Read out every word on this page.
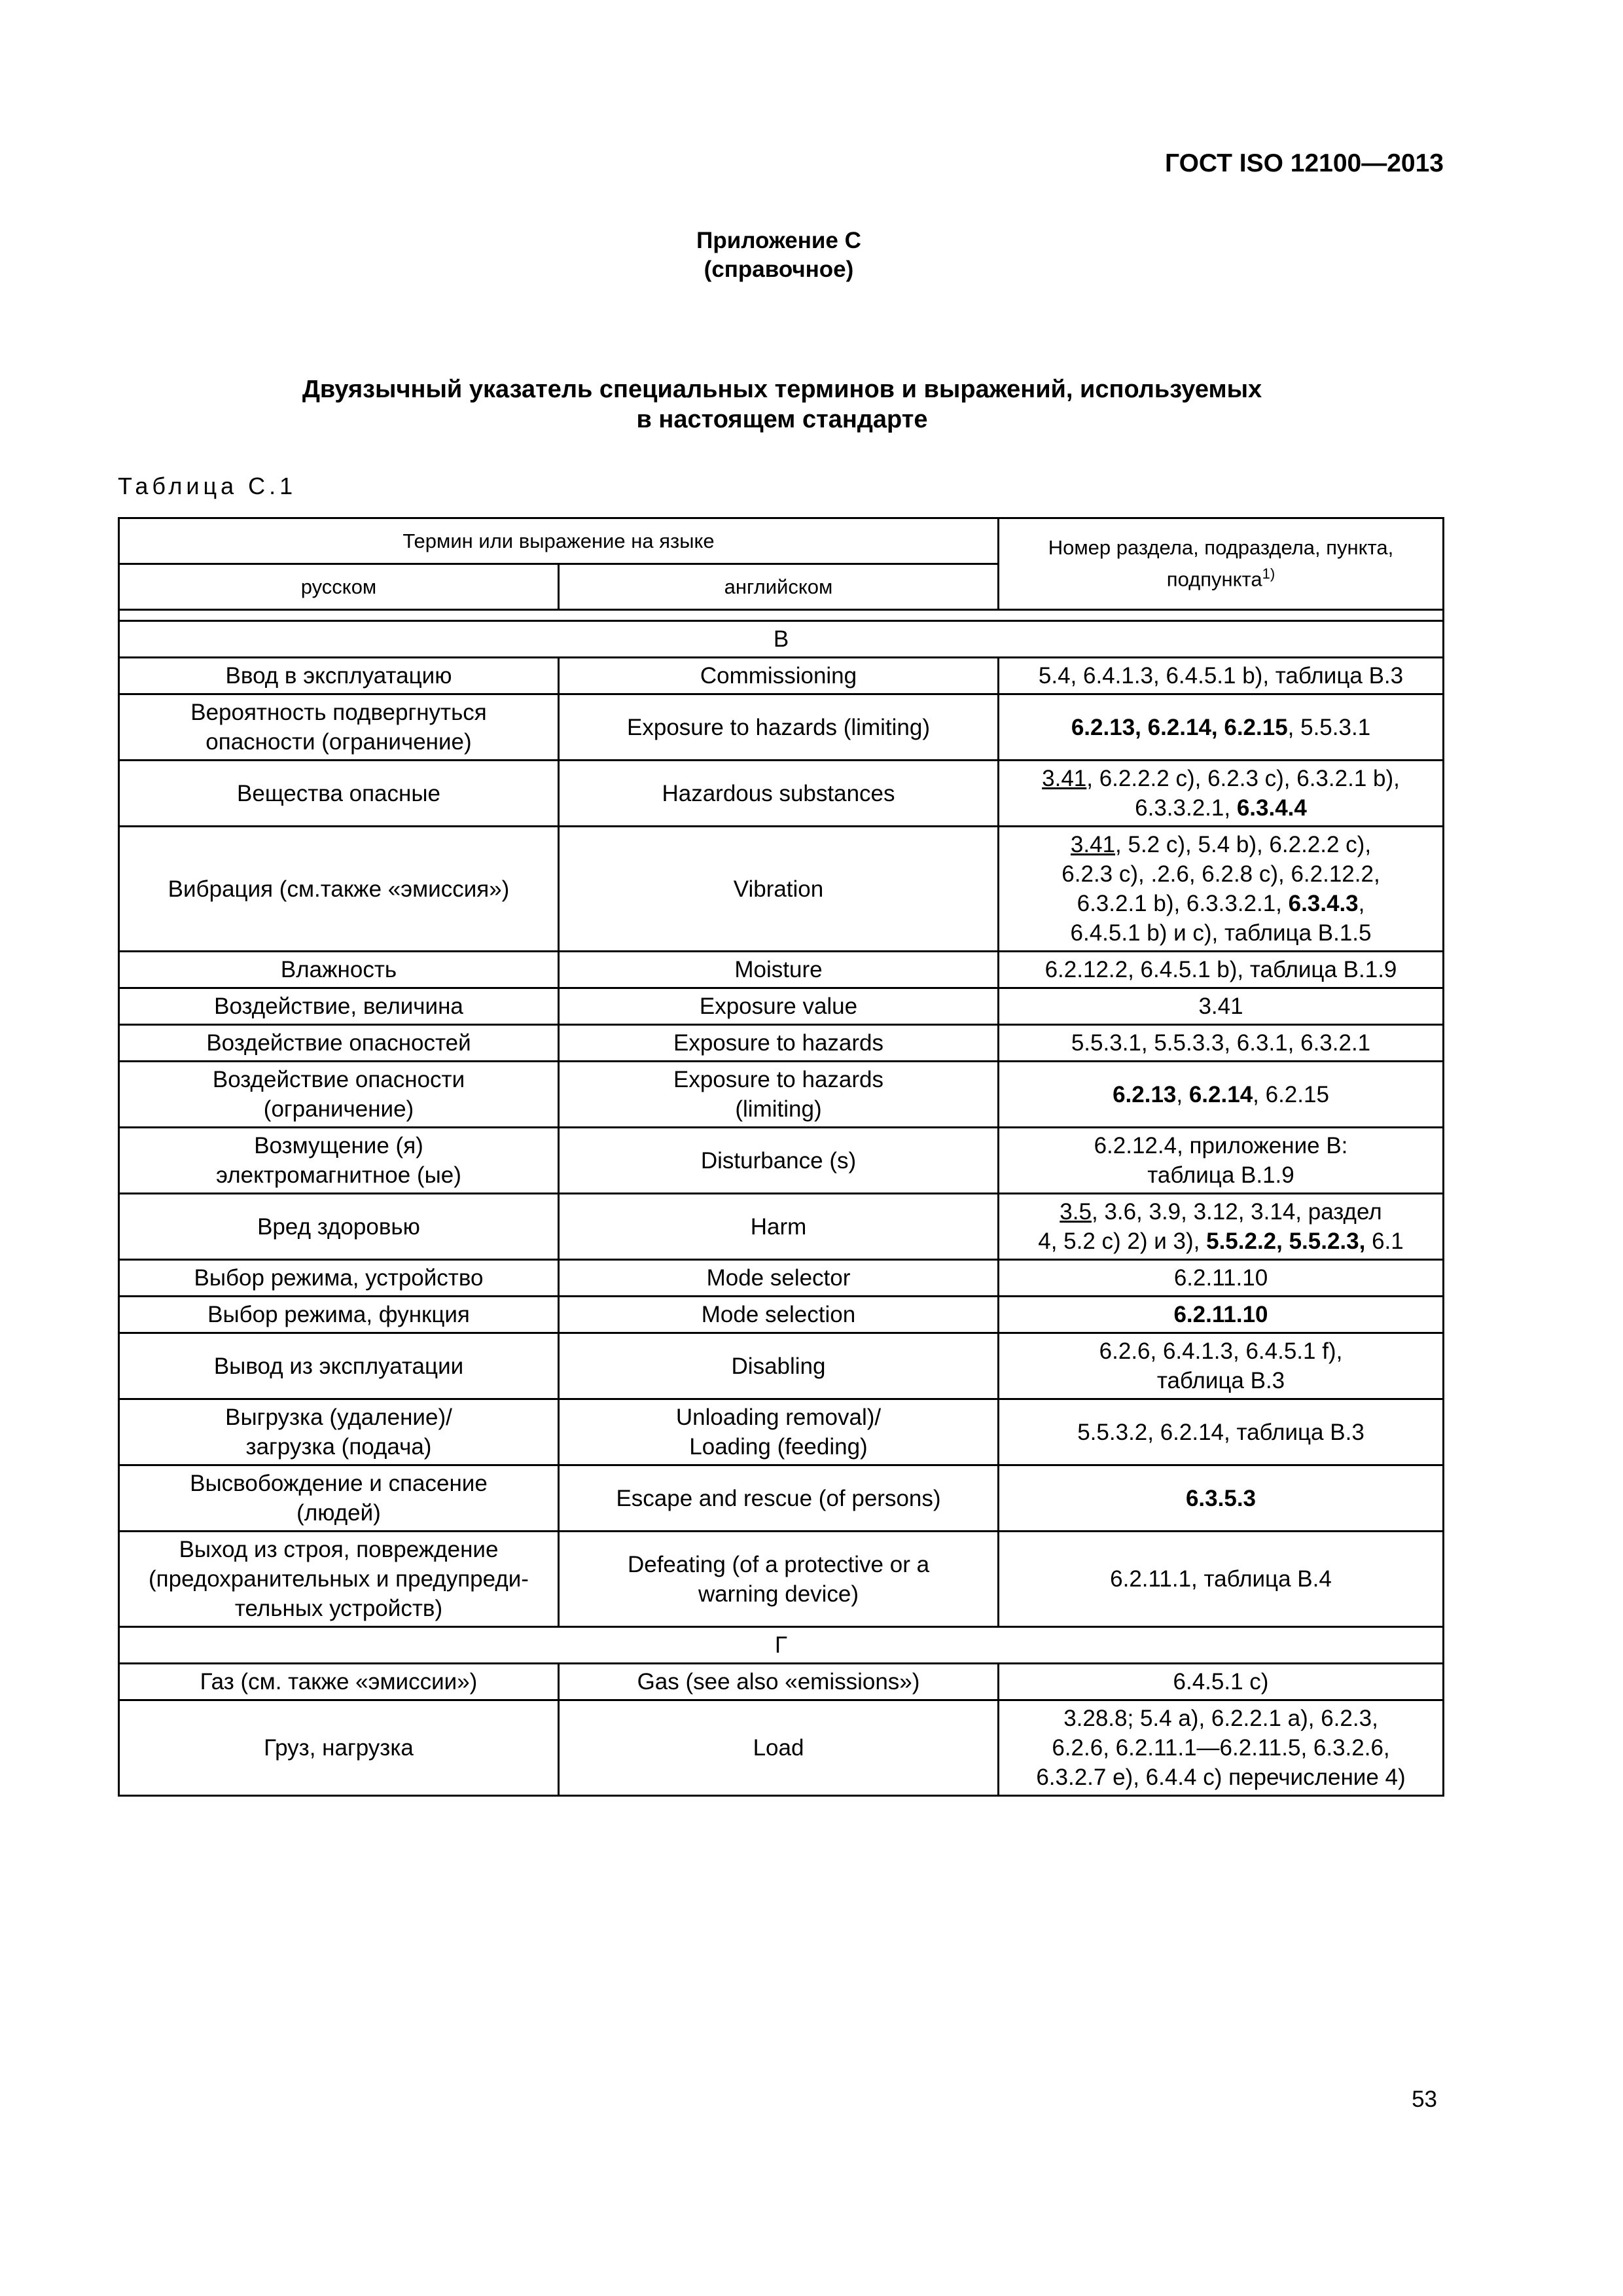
ГОСТ ISO 12100—2013
Приложение С
(справочное)
Двуязычный указатель специальных терминов и выражений, используемых
в настоящем стандарте
Таблица С.1
Термин или выражение на языке		Номер раздела, подраздела, пункта, подпункта$^{1)}$
русском	английском	

В		

Ввод в эксплуатацию	Commissioning	5.4, 6.4.1.3, 6.4.5.1 b), таблица В.3

Вероятность подвергнуться
опасности (ограничение)	Exposure to hazards (limiting)	6.2.13, 6.2.14, 6.2.15, 5.5.3.1

Вещества опасные	Hazardous substances	3.41, 6.2.2.2 c), 6.2.3 c), 6.3.2.1 b),
6.3.3.2.1, 6.3.4.4

Вибрация (см.также «эмиссия»)	Vibration	3.41, 5.2 c), 5.4 b), 6.2.2.2 c),
6.2.3 c), .2.6, 6.2.8 c), 6.2.12.2,
6.3.2.1 b), 6.3.3.2.1, 6.3.4.3,
6.4.5.1 b) и с), таблица В.1.5

Влажность	Moisture	6.2.12.2, 6.4.5.1 b), таблица В.1.9

Воздействие, величина	Exposure value	3.41

Воздействие опасностей	Exposure to hazards	5.5.3.1, 5.5.3.3, 6.3.1, 6.3.2.1

Воздействие опасности
(ограничение)	Exposure to hazards
(limiting)	6.2.13, 6.2.14, 6.2.15

Возмущение (я)
электромагнитное (ые)	Disturbance (s)	6.2.12.4, приложение В:
таблица В.1.9

Вред здоровью	Harm	3.5, 3.6, 3.9, 3.12, 3.14, раздел
4, 5.2 c) 2) и 3), 5.5.2.2, 5.5.2.3, 6.1

Выбор режима, устройство	Mode selector	6.2.11.10

Выбор режима, функция	Mode selection	6.2.11.10

Вывод из эксплуатации	Disabling	6.2.6, 6.4.1.3, 6.4.5.1 f),
таблица В.3

Выгрузка (удаление)/
загрузка (подача)	Unloading removal)/
Loading (feeding)	5.5.3.2, 6.2.14, таблица В.3

Высвобождение и спасение
(людей)	Escape and rescue (of persons)	6.3.5.3

Выход из строя, повреждение
(предохранительных и предупреди-
тельных устройств)	Defeating (of a protective or a
warning device)	6.2.11.1, таблица В.4

Г		

Газ (см. также «эмиссии»)	Gas (see also «emissions»)	6.4.5.1 c)

Груз, нагрузка	Load	3.28.8; 5.4 a), 6.2.2.1 a), 6.2.3,
6.2.6, 6.2.11.1—6.2.11.5, 6.3.2.6,
6.3.2.7 e), 6.4.4 c) перечисление 4)
53
